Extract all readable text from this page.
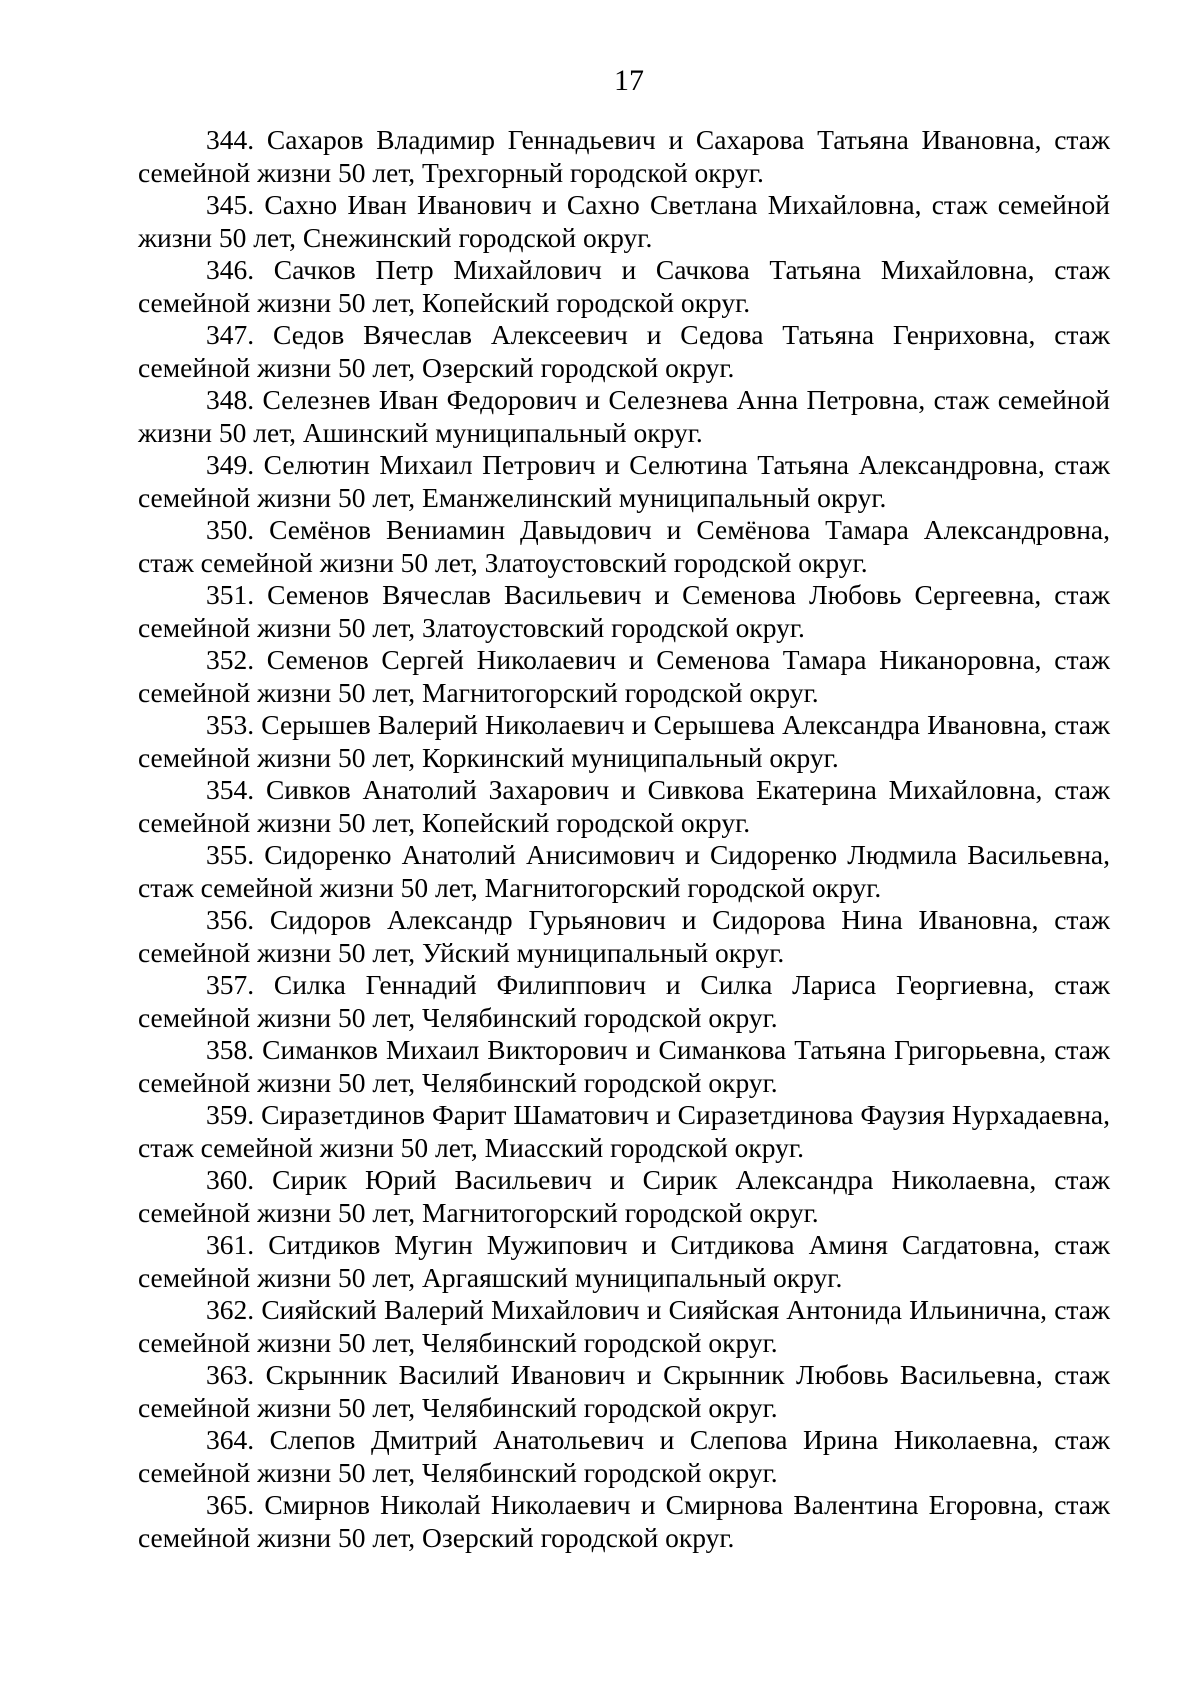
17

344. Сахаров Владимир Геннадьевич и Сахарова Татьяна Ивановна, стаж семейной жизни 50 лет, Трехгорный городской округ.

345. Сахно Иван Иванович и Сахно Светлана Михайловна, стаж семейной жизни 50 лет, Снежинский городской округ.

346. Сачков Петр Михайлович и Сачкова Татьяна Михайловна, стаж семейной жизни 50 лет, Копейский городской округ.

347. Седов Вячеслав Алексеевич и Седова Татьяна Генриховна, стаж семейной жизни 50 лет, Озерский городской округ.

348. Селезнев Иван Федорович и Селезнева Анна Петровна, стаж семейной жизни 50 лет, Ашинский муниципальный округ.

349. Селютин Михаил Петрович и Селютина Татьяна Александровна, стаж семейной жизни 50 лет, Еманжелинский муниципальный округ.

350. Семёнов Вениамин Давыдович и Семёнова Тамара Александровна, стаж семейной жизни 50 лет, Златоустовский городской округ.

351. Семенов Вячеслав Васильевич и Семенова Любовь Сергеевна, стаж семейной жизни 50 лет, Златоустовский городской округ.

352. Семенов Сергей Николаевич и Семенова Тамара Никаноровна, стаж семейной жизни 50 лет, Магнитогорский городской округ.

353. Серышев Валерий Николаевич и Серышева Александра Ивановна, стаж семейной жизни 50 лет, Коркинский муниципальный округ.

354. Сивков Анатолий Захарович и Сивкова Екатерина Михайловна, стаж семейной жизни 50 лет, Копейский городской округ.

355. Сидоренко Анатолий Анисимович и Сидоренко Людмила Васильевна, стаж семейной жизни 50 лет, Магнитогорский городской округ.

356. Сидоров Александр Гурьянович и Сидорова Нина Ивановна, стаж семейной жизни 50 лет, Уйский муниципальный округ.

357. Силка Геннадий Филиппович и Силка Лариса Георгиевна, стаж семейной жизни 50 лет, Челябинский городской округ.

358. Симанков Михаил Викторович и Симанкова Татьяна Григорьевна, стаж семейной жизни 50 лет, Челябинский городской округ.

359. Сиразетдинов Фарит Шаматович и Сиразетдинова Фаузия Нурхадаевна, стаж семейной жизни 50 лет, Миасский городской округ.

360. Сирик Юрий Васильевич и Сирик Александра Николаевна, стаж семейной жизни 50 лет, Магнитогорский городской округ.

361. Ситдиков Мугин Мужипович и Ситдикова Аминя Сагдатовна, стаж семейной жизни 50 лет, Аргаяшский муниципальный округ.

362. Сияйский Валерий Михайлович и Сияйская Антонида Ильинична, стаж семейной жизни 50 лет, Челябинский городской округ.

363. Скрынник Василий Иванович и Скрынник Любовь Васильевна, стаж семейной жизни 50 лет, Челябинский городской округ.

364. Слепов Дмитрий Анатольевич и Слепова Ирина Николаевна, стаж семейной жизни 50 лет, Челябинский городской округ.

365. Смирнов Николай Николаевич и Смирнова Валентина Егоровна, стаж семейной жизни 50 лет, Озерский городской округ.
